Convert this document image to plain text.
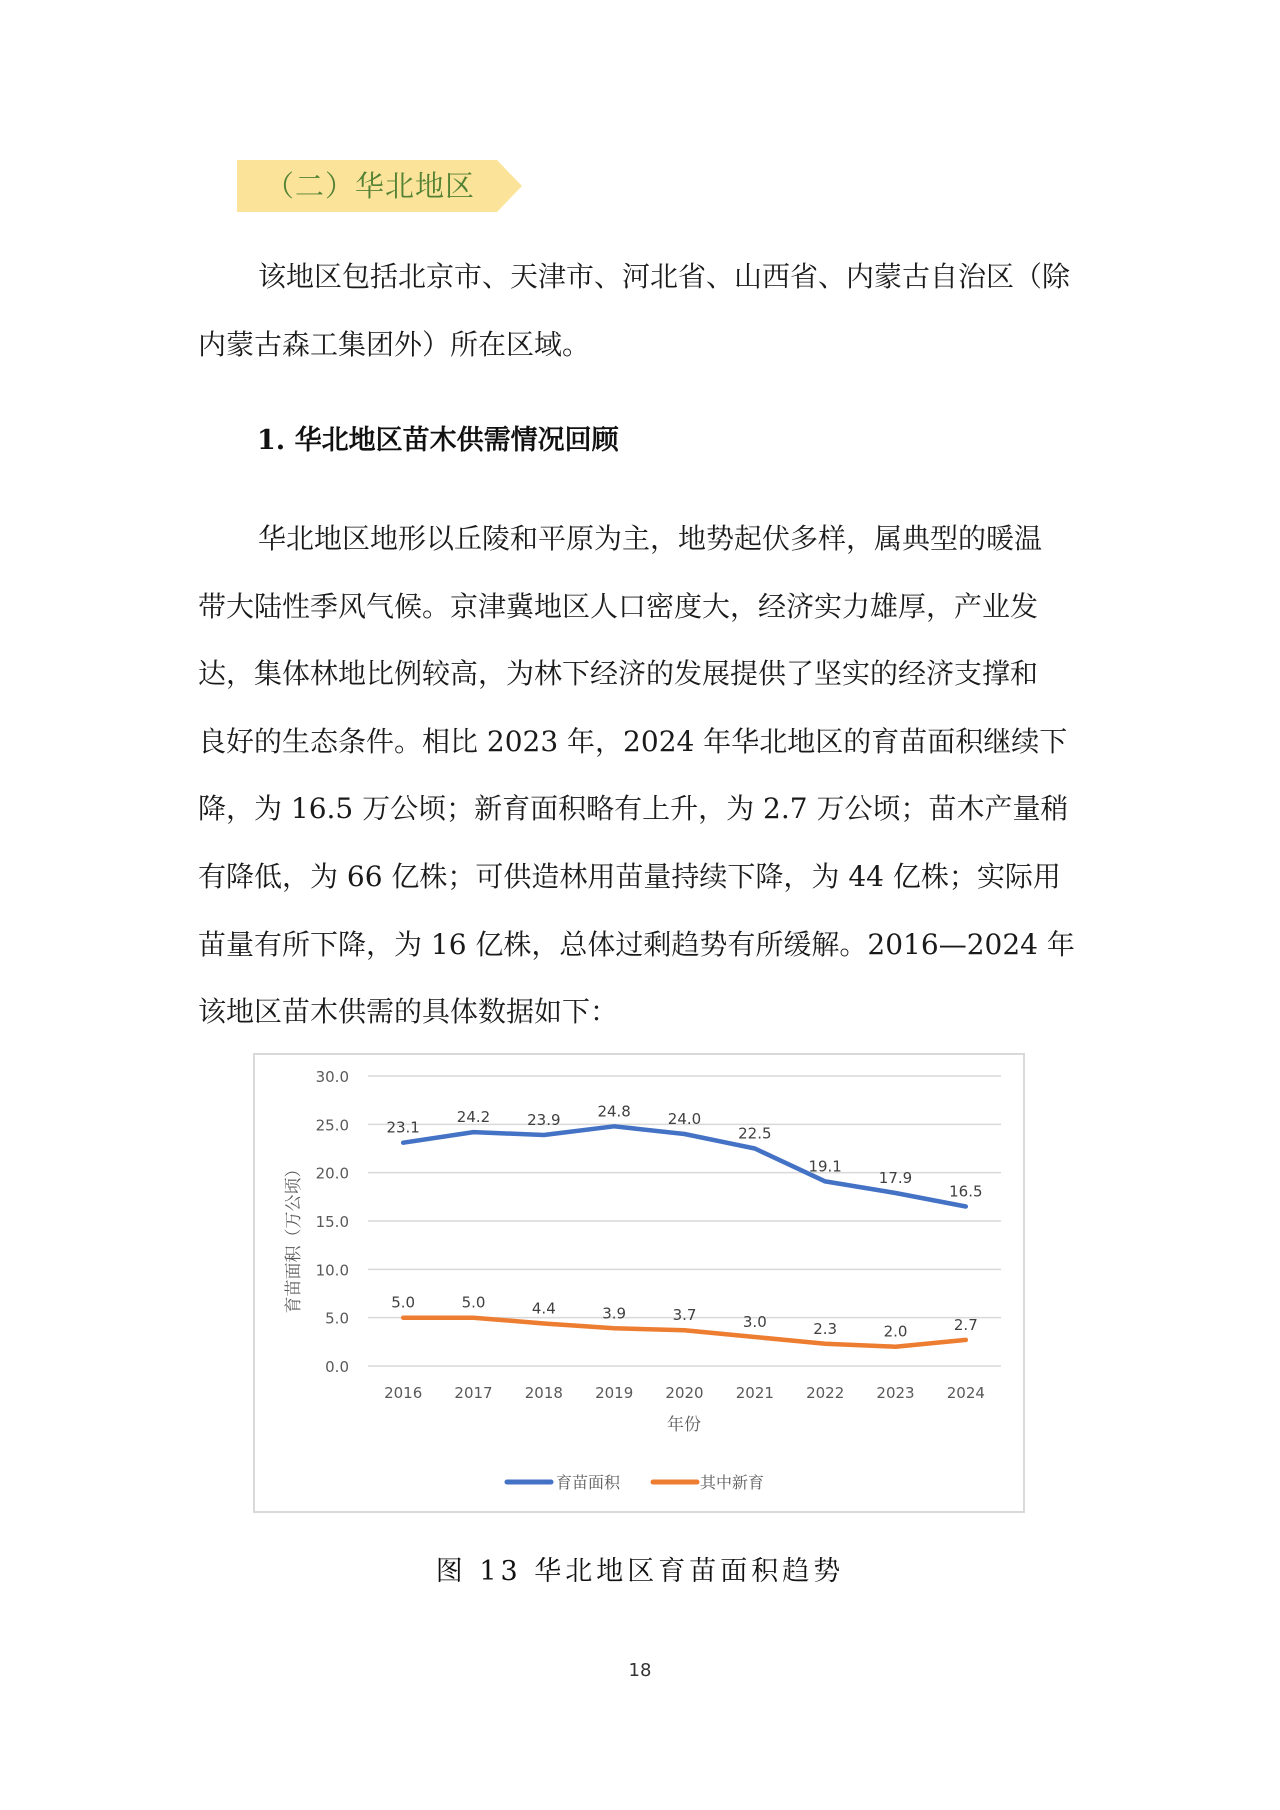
（二）华北地区
该地区包括北京市、天津市、河北省、山西省、内蒙古自治区（除
内蒙古森工集团外）所在区域。
1. 华北地区苗木供需情况回顾
华北地区地形以丘陵和平原为主，地势起伏多样，属典型的暖温
带大陆性季风气候。京津冀地区人口密度大，经济实力雄厚，产业发
达，集体林地比例较高，为林下经济的发展提供了坚实的经济支撑和
良好的生态条件。相比 2023 年，2024 年华北地区的育苗面积继续下
降，为 16.5 万公顷；新育面积略有上升，为 2.7 万公顷；苗木产量稍
有降低，为 66 亿株；可供造林用苗量持续下降，为 44 亿株；实际用
苗量有所下降，为 16 亿株，总体过剩趋势有所缓解。2016—2024 年
该地区苗木供需的具体数据如下：
0.0
5.0
10.0
15.0
20.0
25.0
30.0
2016 2017 2018 2019 2020 2021 2022 2023 2024
年份
育苗面积（万公顷）
23.1
24.2 23.9 24.8 24.0
22.5
19.1
17.9
16.5
5.0	5.0	4.4	3.9	3.7	3.0	2.3	2.0	2.7
育苗面积	其中新育
图 13 华北地区育苗面积趋势
18
